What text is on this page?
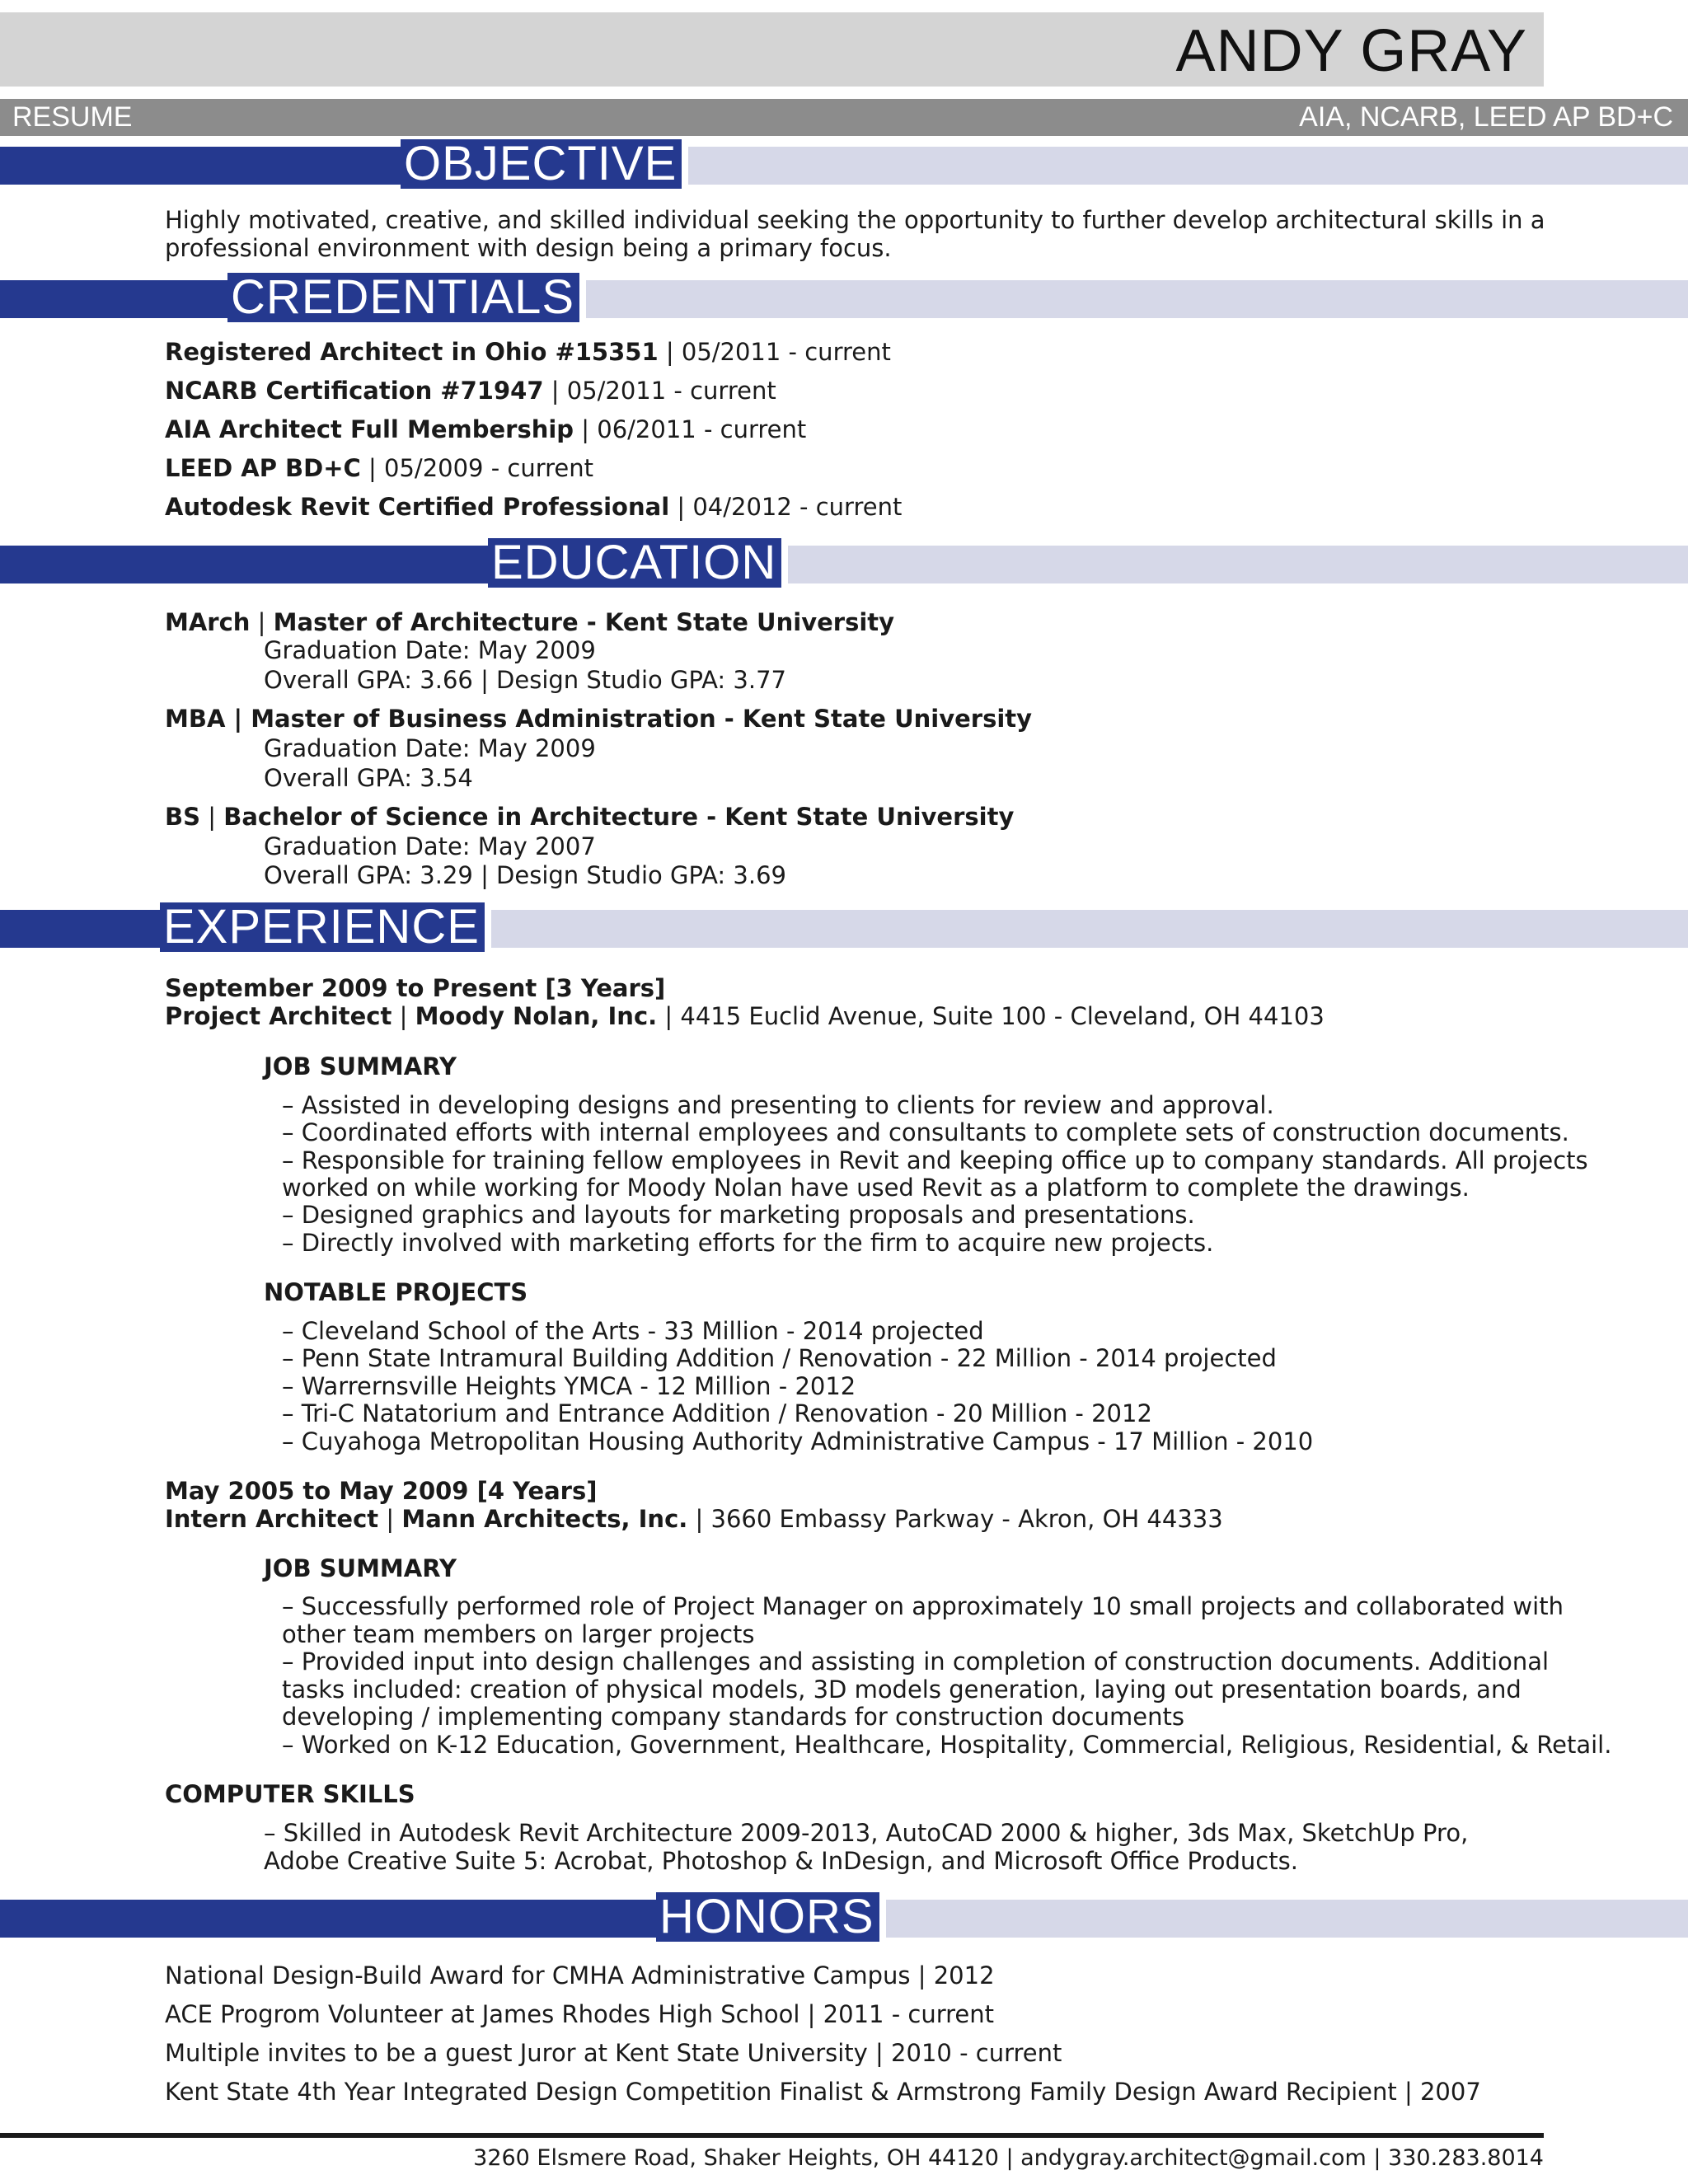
ANDY GRAY
RESUME	AIA, NCARB, LEED AP BD+C
OBJECTIVE
Highly motivated, creative, and skilled individual seeking the opportunity to further develop architectural skills in a
professional environment with design being a primary focus.
CREDENTIALS
Registered Architect in Ohio #15351 | 05/2011 - current
NCARB Certification #71947 | 05/2011 - current
AIA Architect Full Membership | 06/2011 - current
LEED AP BD+C | 05/2009 - current
Autodesk Revit Certified Professional | 04/2012 - current
EDUCATION
MArch | Master of Architecture - Kent State University
Graduation Date: May 2009
Overall GPA: 3.66 | Design Studio GPA: 3.77
MBA | Master of Business Administration - Kent State University
Graduation Date: May 2009
Overall GPA: 3.54
BS | Bachelor of Science in Architecture - Kent State University
Graduation Date: May 2007
Overall GPA: 3.29 | Design Studio GPA: 3.69
EXPERIENCE
September 2009 to Present [3 Years]
Project Architect | Moody Nolan, Inc. | 4415 Euclid Avenue, Suite 100 - Cleveland, OH 44103
JOB SUMMARY
– Assisted in developing designs and presenting to clients for review and approval.
– Coordinated efforts with internal employees and consultants to complete sets of construction documents.
– Responsible for training fellow employees in Revit and keeping office up to company standards. All projects
worked on while working for Moody Nolan have used Revit as a platform to complete the drawings.
– Designed graphics and layouts for marketing proposals and presentations.
– Directly involved with marketing efforts for the firm to acquire new projects.
NOTABLE PROJECTS
– Cleveland School of the Arts - 33 Million - 2014 projected
– Penn State Intramural Building Addition / Renovation - 22 Million - 2014 projected
– Warrernsville Heights YMCA - 12 Million - 2012
– Tri-C Natatorium and Entrance Addition / Renovation - 20 Million - 2012
– Cuyahoga Metropolitan Housing Authority Administrative Campus - 17 Million - 2010
May 2005 to May 2009 [4 Years]
Intern Architect | Mann Architects, Inc. | 3660 Embassy Parkway - Akron, OH 44333
JOB SUMMARY
– Successfully performed role of Project Manager on approximately 10 small projects and collaborated with
other team members on larger projects
– Provided input into design challenges and assisting in completion of construction documents. Additional
tasks included: creation of physical models, 3D models generation, laying out presentation boards, and
developing / implementing company standards for construction documents
– Worked on K-12 Education, Government, Healthcare, Hospitality, Commercial, Religious, Residential, & Retail.
COMPUTER SKILLS
– Skilled in Autodesk Revit Architecture 2009-2013, AutoCAD 2000 & higher, 3ds Max, SketchUp Pro,
Adobe Creative Suite 5: Acrobat, Photoshop & InDesign, and Microsoft Office Products.
HONORS
National Design-Build Award for CMHA Administrative Campus | 2012
ACE Progrom Volunteer at James Rhodes High School | 2011 - current
Multiple invites to be a guest Juror at Kent State University | 2010 - current
Kent State 4th Year Integrated Design Competition Finalist & Armstrong Family Design Award Recipient | 2007
3260 Elsmere Road, Shaker Heights, OH 44120 | andygray.architect@gmail.com | 330.283.8014
